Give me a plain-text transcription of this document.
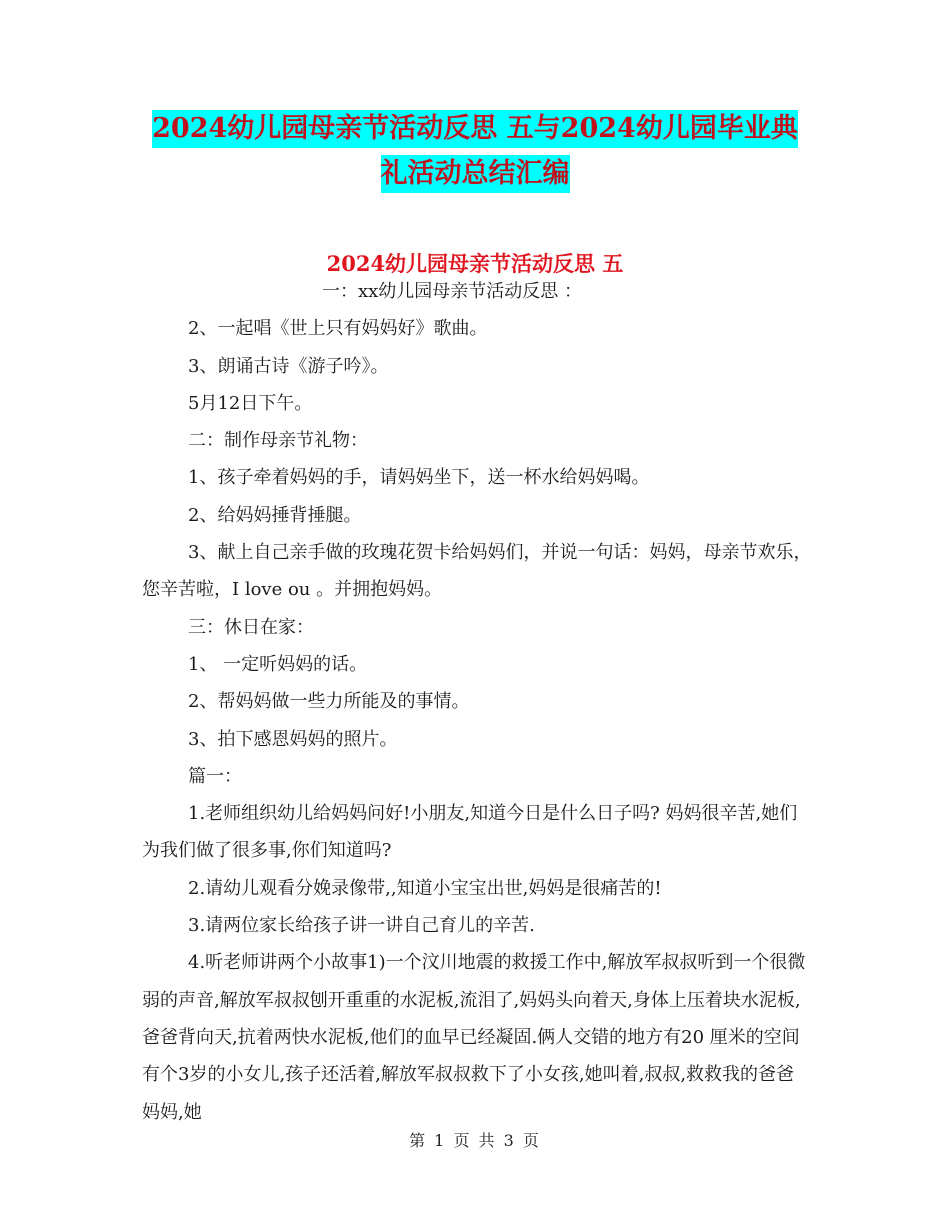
2024幼儿园母亲节活动反思 五与2024幼儿园毕业典
礼活动总结汇编
2024幼儿园母亲节活动反思 五

一：xx幼儿园母亲节活动反思 ：

2、一起唱《世上只有妈妈好》歌曲。

3、朗诵古诗《游子吟》。

5月12日下午。

二：制作母亲节礼物：

1、孩子牵着妈妈的手，请妈妈坐下，送一杯水给妈妈喝。

2、给妈妈捶背捶腿。

3、献上自己亲手做的玫瑰花贺卡给妈妈们，并说一句话：妈妈，母亲节欢乐，您辛苦啦，I love ou 。并拥抱妈妈。

三：休日在家：

1、 一定听妈妈的话。

2、帮妈妈做一些力所能及的事情。

3、拍下感恩妈妈的照片。

篇一：

1.老师组织幼儿给妈妈问好!小朋友,知道今日是什么日子吗? 妈妈很辛苦,她们为我们做了很多事,你们知道吗?

2.请幼儿观看分娩录像带,,知道小宝宝出世,妈妈是很痛苦的!

3.请两位家长给孩子讲一讲自己育儿的辛苦.

4.听老师讲两个小故事1)一个汶川地震的救援工作中,解放军叔叔听到一个很微弱的声音,解放军叔叔刨开重重的水泥板,流泪了,妈妈头向着天,身体上压着块水泥板,爸爸背向天,抗着两快水泥板,他们的血早已经凝固.俩人交错的地方有20 厘米的空间有个3岁的小女儿,孩子还活着,解放军叔叔救下了小女孩,她叫着,叔叔,救救我的爸爸妈妈,她

第 1 页 共 3 页
